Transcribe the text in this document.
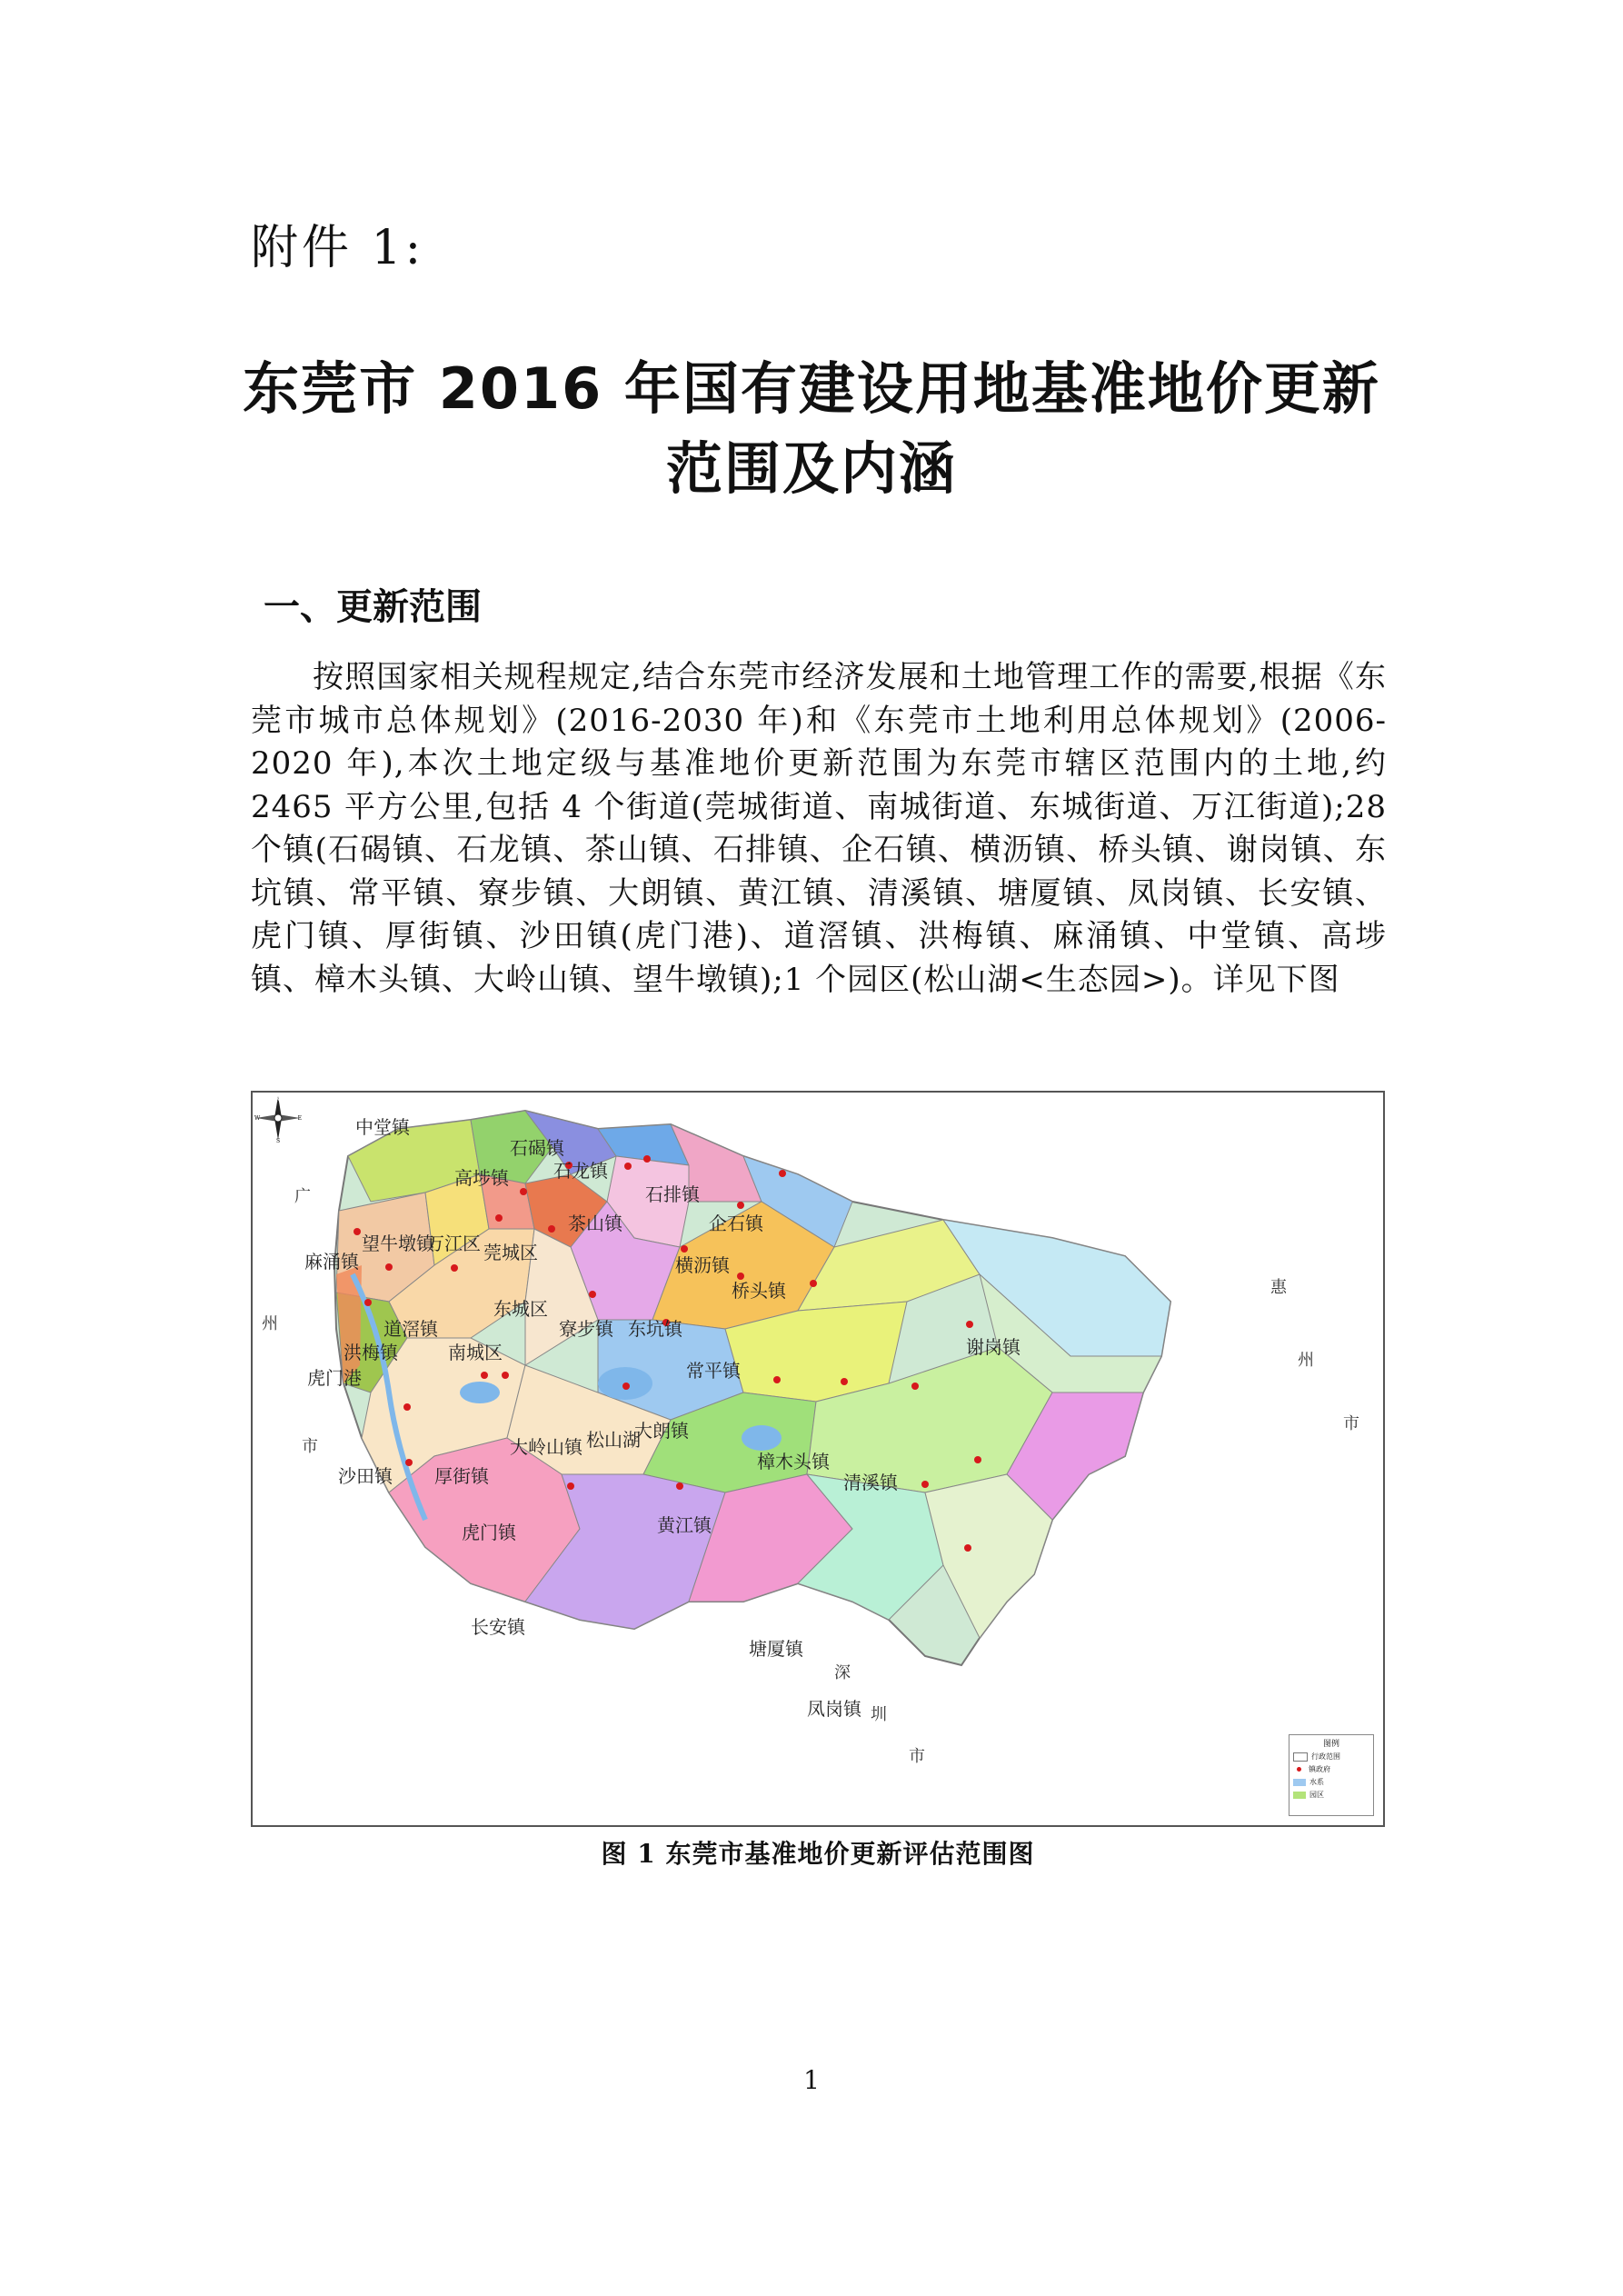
附件 1:
东莞市 2016 年国有建设用地基准地价更新
范围及内涵
一、更新范围
按照国家相关规程规定,结合东莞市经济发展和土地管理工作的需要,根据《东莞市城市总体规划》(2016-2030 年)和《东莞市土地利用总体规划》(2006-2020 年),本次土地定级与基准地价更新范围为东莞市辖区范围内的土地,约 2465 平方公里,包括 4 个街道(莞城街道、南城街道、东城街道、万江街道);28 个镇(石碣镇、石龙镇、茶山镇、石排镇、企石镇、横沥镇、桥头镇、谢岗镇、东坑镇、常平镇、寮步镇、大朗镇、黄江镇、清溪镇、塘厦镇、凤岗镇、长安镇、虎门镇、厚街镇、沙田镇(虎门港)、道滘镇、洪梅镇、麻涌镇、中堂镇、高埗镇、樟木头镇、大岭山镇、望牛墩镇);1 个园区(松山湖<生态园>)。详见下图
中堂镇
高埗镇
石碣镇
石龙镇
石排镇
企石镇
茶山镇
麻涌镇
望牛墩镇
万江区 莞城区
横沥镇
桥头镇
东城区
道滘镇
洪梅镇
寮步镇 东坑镇
南城区
常平镇
谢岗镇
虎门港
大岭山镇 松山湖
大朗镇
樟木头镇
沙田镇 厚街镇	清溪镇
虎门镇	黄江镇
长安镇
塘厦镇
凤岗镇
广
州
市
惠
州
市
深
圳
市
N
S
E
W
图例
行政范围
镇政府
水系
园区
图 1 东莞市基准地价更新评估范围图
1
